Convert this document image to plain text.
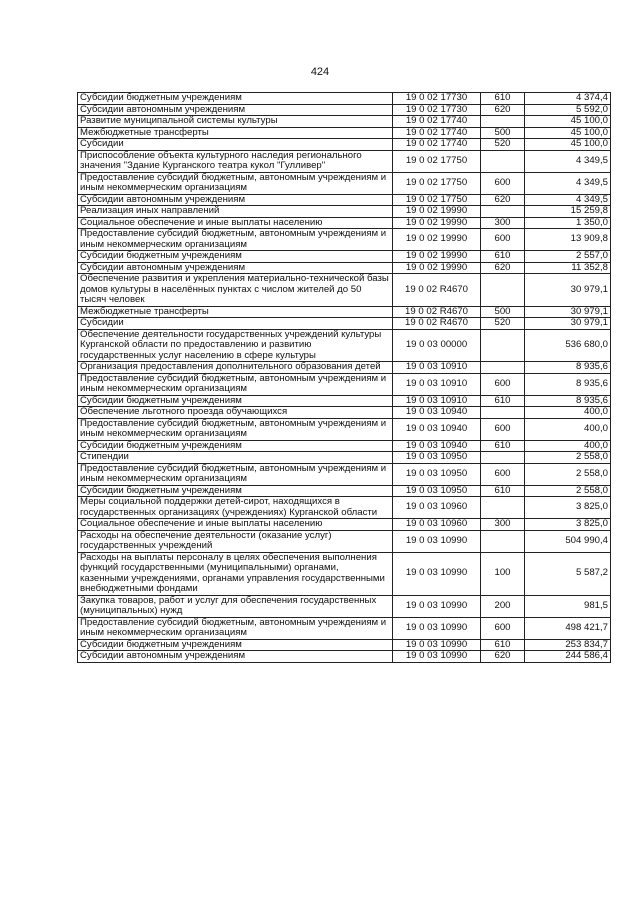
424
Субсидии бюджетным учреждениям	19 0 02 17730	610	4 374,4
Субсидии автономным учреждениям	19 0 02 17730	620	5 592,0
Развитие муниципальной системы культуры	19 0 02 17740		45 100,0
Межбюджетные трансферты	19 0 02 17740	500	45 100,0
Субсидии	19 0 02 17740	520	45 100,0
Приспособление объекта культурного наследия регионального значения "Здание Курганского театра кукол "Гулливер"	19 0 02 17750		4 349,5
Предоставление субсидий бюджетным, автономным учреждениям и иным некоммерческим организациям	19 0 02 17750	600	4 349,5
Субсидии автономным учреждениям	19 0 02 17750	620	4 349,5
Реализация иных направлений	19 0 02 19990		15 259,8
Социальное обеспечение и иные выплаты населению	19 0 02 19990	300	1 350,0
Предоставление субсидий бюджетным, автономным учреждениям и иным некоммерческим организациям	19 0 02 19990	600	13 909,8
Субсидии бюджетным учреждениям	19 0 02 19990	610	2 557,0
Субсидии автономным учреждениям	19 0 02 19990	620	11 352,8
Обеспечение развития и укрепления материально-технической базы домов культуры в населённых пунктах с числом жителей до 50 тысяч человек	19 0 02 R4670		30 979,1
Межбюджетные трансферты	19 0 02 R4670	500	30 979,1
Субсидии	19 0 02 R4670	520	30 979,1
Обеспечение деятельности государственных учреждений культуры Курганской области по предоставлению и развитию государственных услуг населению в сфере культуры	19 0 03 00000		536 680,0
Организация предоставления дополнительного образования детей	19 0 03 10910		8 935,6
Предоставление субсидий бюджетным, автономным учреждениям и иным некоммерческим организациям	19 0 03 10910	600	8 935,6
Субсидии бюджетным учреждениям	19 0 03 10910	610	8 935,6
Обеспечение льготного проезда обучающихся	19 0 03 10940		400,0
Предоставление субсидий бюджетным, автономным учреждениям и иным некоммерческим организациям	19 0 03 10940	600	400,0
Субсидии бюджетным учреждениям	19 0 03 10940	610	400,0
Стипендии	19 0 03 10950		2 558,0
Предоставление субсидий бюджетным, автономным учреждениям и иным некоммерческим организациям	19 0 03 10950	600	2 558,0
Субсидии бюджетным учреждениям	19 0 03 10950	610	2 558,0
Меры социальной поддержки детей-сирот, находящихся в государственных организациях (учреждениях) Курганской области	19 0 03 10960		3 825,0
Социальное обеспечение и иные выплаты населению	19 0 03 10960	300	3 825,0
Расходы на обеспечение деятельности (оказание услуг) государственных учреждений	19 0 03 10990		504 990,4
Расходы на выплаты персоналу в целях обеспечения выполнения функций государственными (муниципальными) органами, казенными учреждениями, органами управления государственными внебюджетными фондами	19 0 03 10990	100	5 587,2
Закупка товаров, работ и услуг для обеспечения государственных (муниципальных) нужд	19 0 03 10990	200	981,5
Предоставление субсидий бюджетным, автономным учреждениям и иным некоммерческим организациям	19 0 03 10990	600	498 421,7
Субсидии бюджетным учреждениям	19 0 03 10990	610	253 834,7
Субсидии автономным учреждениям	19 0 03 10990	620	244 586,4
